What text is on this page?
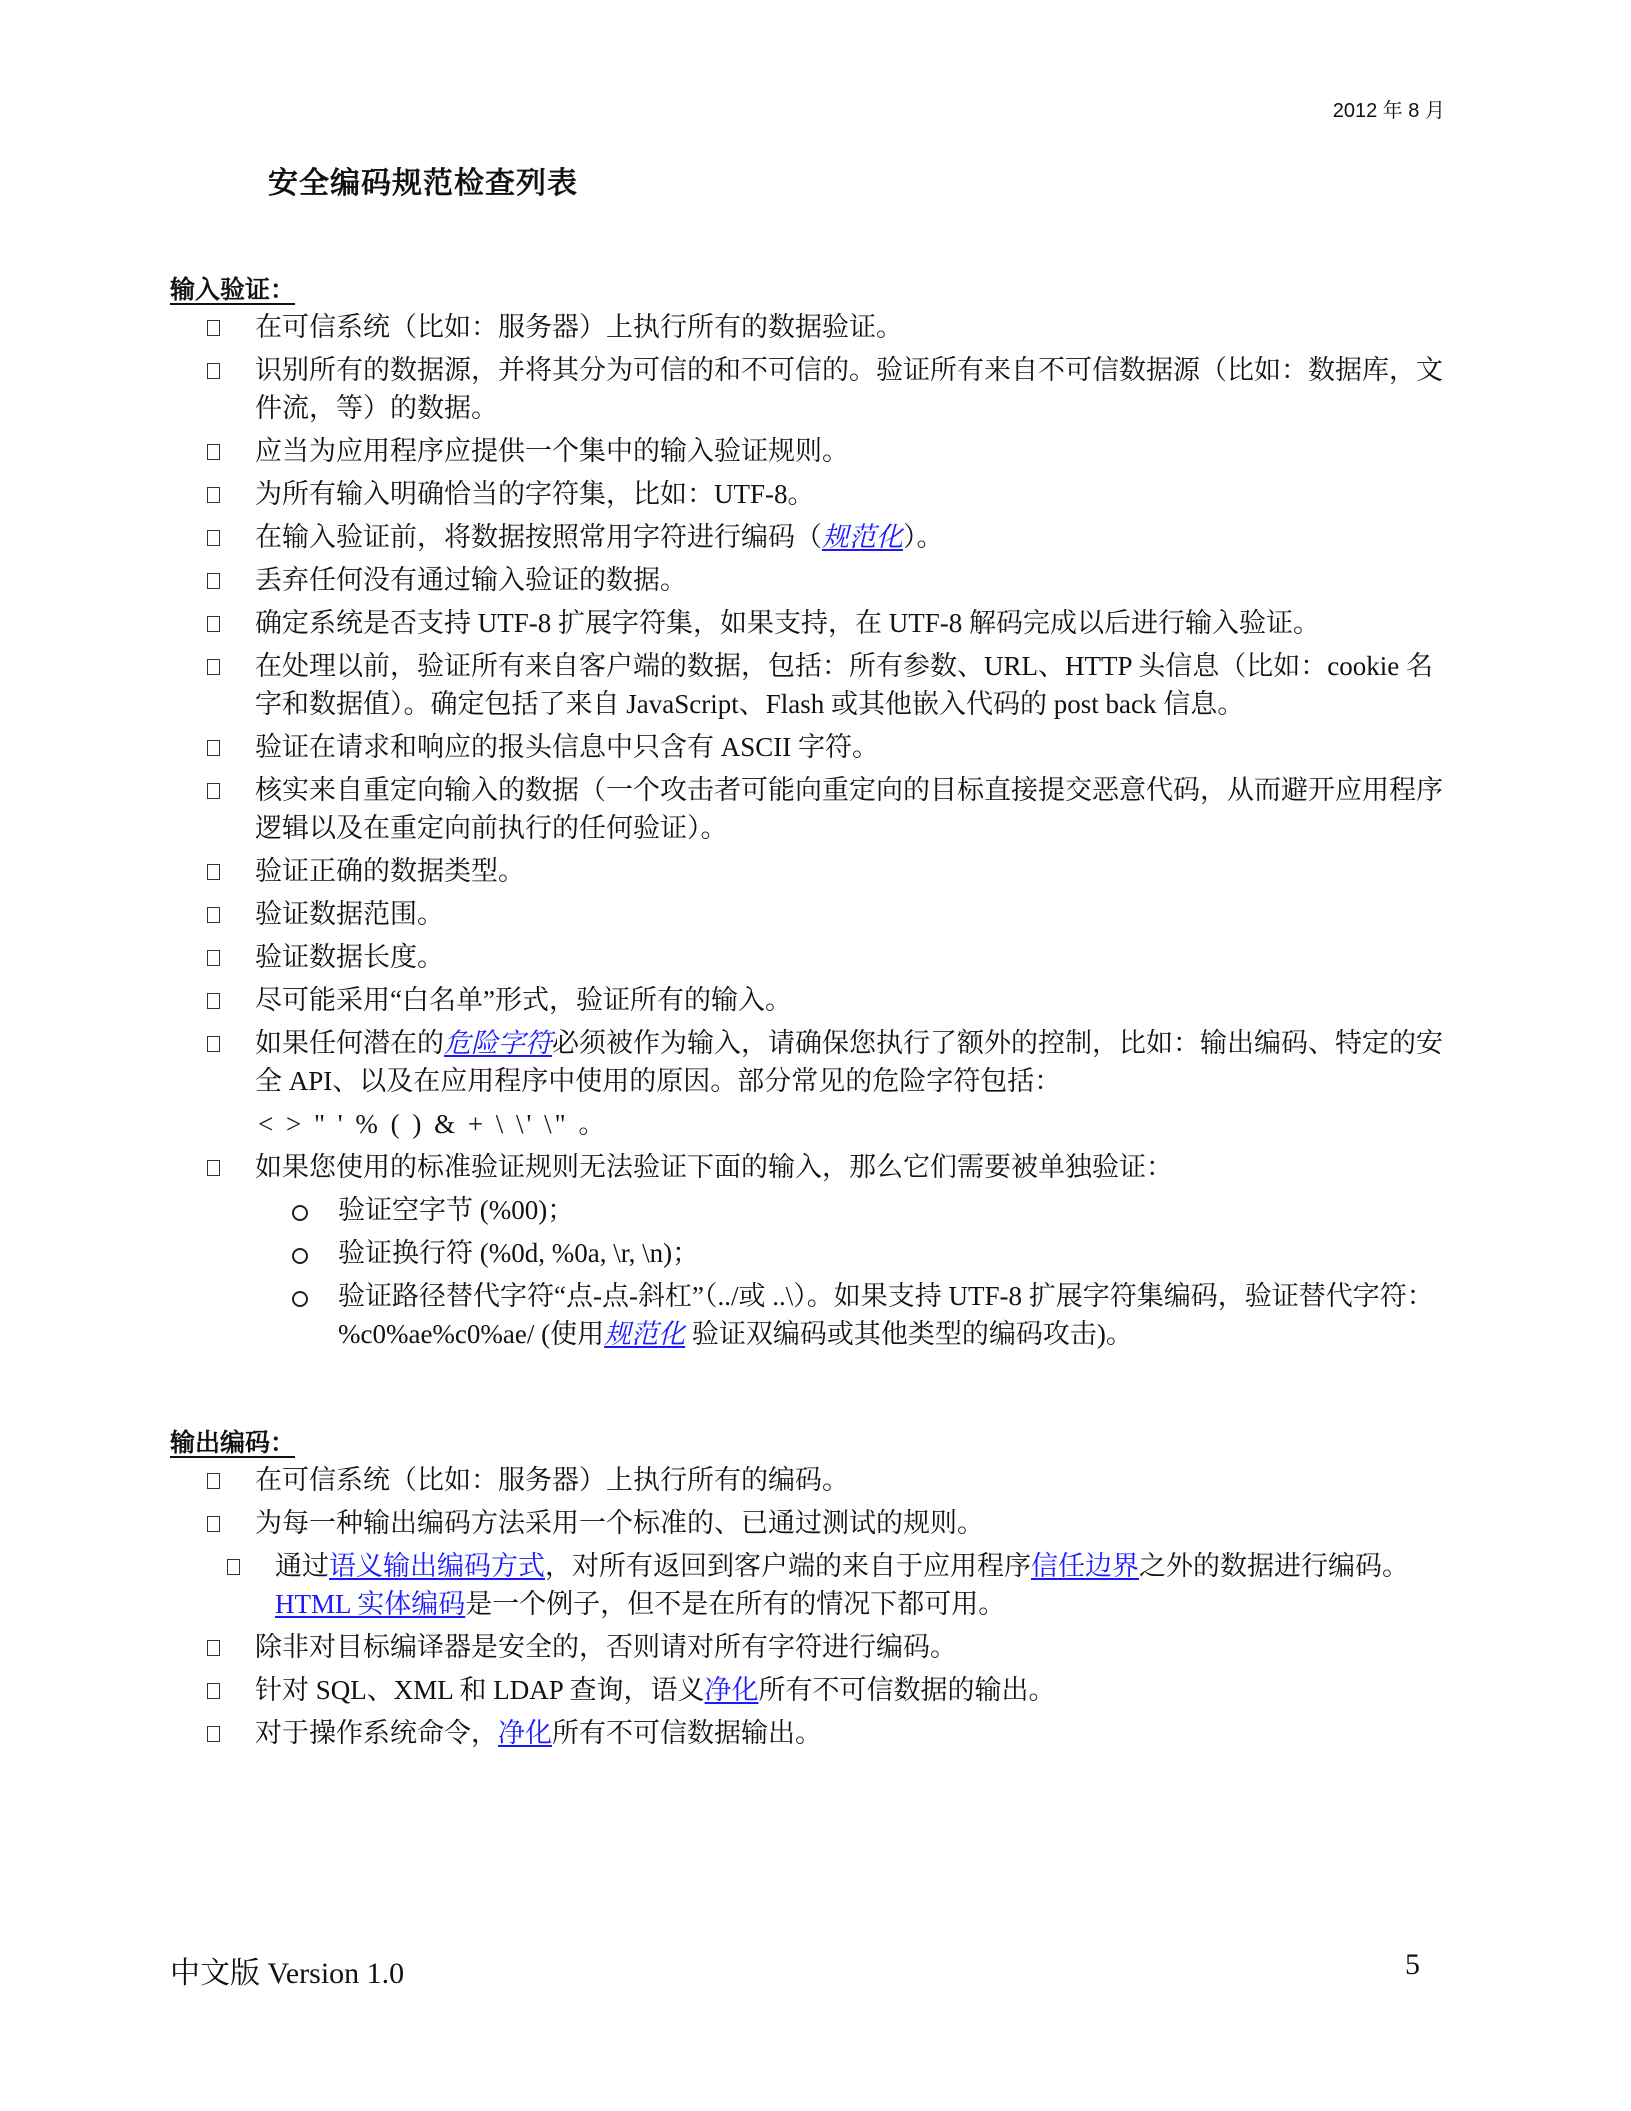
2012 年 8 月
安全编码规范检查列表
输入验证：
在可信系统（比如：服务器）上执行所有的数据验证。
识别所有的数据源，并将其分为可信的和不可信的。验证所有来自不可信数据源（比如：数据库，文件流，等）的数据。
应当为应用程序应提供一个集中的输入验证规则。
为所有输入明确恰当的字符集，比如：UTF-8。
在输入验证前，将数据按照常用字符进行编码（规范化）。
丢弃任何没有通过输入验证的数据。
确定系统是否支持 UTF-8 扩展字符集，如果支持，在 UTF-8 解码完成以后进行输入验证。
在处理以前，验证所有来自客户端的数据，包括：所有参数、URL、HTTP 头信息（比如：cookie 名字和数据值）。确定包括了来自 JavaScript、Flash 或其他嵌入代码的 post back 信息。
验证在请求和响应的报头信息中只含有 ASCII 字符。
核实来自重定向输入的数据（一个攻击者可能向重定向的目标直接提交恶意代码，从而避开应用程序逻辑以及在重定向前执行的任何验证）。
验证正确的数据类型。
验证数据范围。
验证数据长度。
尽可能采用“白名单”形式，验证所有的输入。
如果任何潜在的危险字符必须被作为输入，请确保您执行了额外的控制，比如：输出编码、特定的安全 API、以及在应用程序中使用的原因。部分常见的危险字符包括：
< > " ' % ( ) & + \ \' \" 。
如果您使用的标准验证规则无法验证下面的输入，那么它们需要被单独验证：
验证空字节 (%00)；
验证换行符 (%0d, %0a, \r, \n)；
验证路径替代字符“点-点-斜杠”（../或 ..\）。如果支持 UTF-8 扩展字符集编码，验证替代字符： %c0%ae%c0%ae/ (使用规范化 验证双编码或其他类型的编码攻击)。
输出编码：
在可信系统（比如：服务器）上执行所有的编码。
为每一种输出编码方法采用一个标准的、已通过测试的规则。
通过语义输出编码方式，对所有返回到客户端的来自于应用程序信任边界之外的数据进行编码。HTML 实体编码是一个例子，但不是在所有的情况下都可用。
除非对目标编译器是安全的，否则请对所有字符进行编码。
针对 SQL、XML 和 LDAP 查询，语义净化所有不可信数据的输出。
对于操作系统命令，净化所有不可信数据输出。
中文版 Version 1.0	5
